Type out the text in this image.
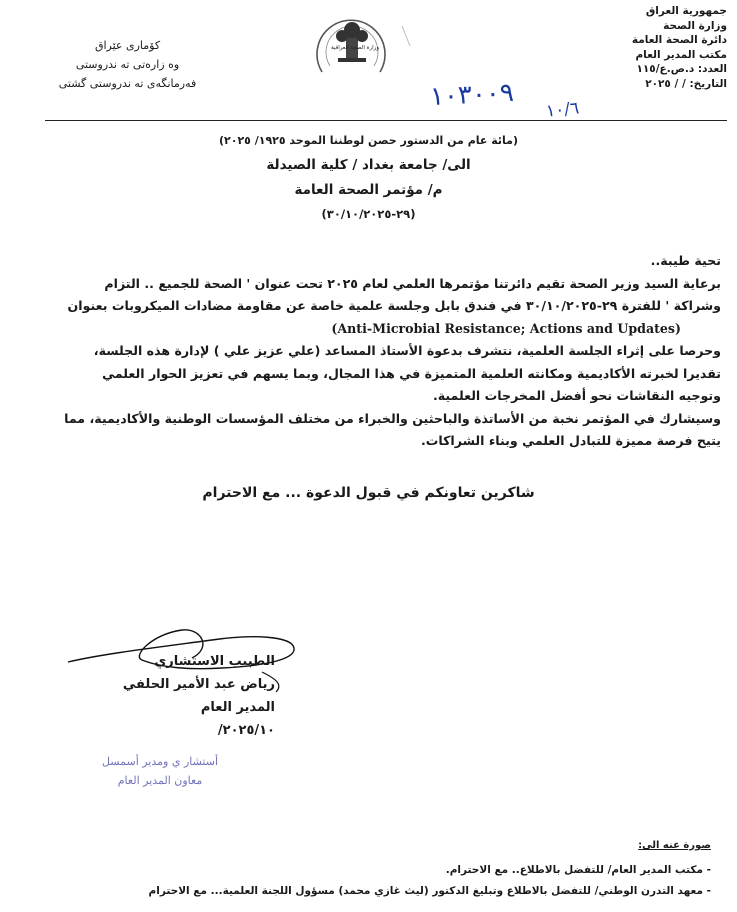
جمهورية العراق
وزارة الصحة
دائرة الصحة العامة
مكتب المدير العام
العدد: د.ص.ع/١١٥
التاريخ: / / ٢٠٢٥
كۆماری عێراق
وه زارەتی ته ندروستی
فەرمانگەی تە ندروستی گشتی
وزارة الصحة العراقية
١٠٣٠٠٩ ١٠/٦
(مائة عام من الدستور حصن لوطننا الموحد ١٩٢٥/ ٢٠٢٥)
الى/ جامعة بغداد / كلية الصيدلة
م/ مؤتمر الصحة العامة
(٢٩-٣٠/١٠/٢٠٢٥)

تحية طيبة..

برعاية السيد وزير الصحة تقيم دائرتنا مؤتمرها العلمي لعام ٢٠٢٥ تحت عنوان ' الصحة للجميع .. التزام

وشراكة ' للفترة ٢٩-٣٠/١٠/٢٠٢٥ في فندق بابل وجلسة علمية خاصة عن مقاومة مضادات الميكروبات بعنوان

(Anti-Microbial Resistance; Actions and Updates)

وحرصا على إثراء الجلسة العلمية، نتشرف بدعوة الأستاذ المساعد (علي عزيز علي ) لإدارة هذه الجلسة،

تقديرا لخبرته الأكاديمية ومكانته العلمية المتميزة في هذا المجال، وبما يسهم في تعزيز الحوار العلمي

وتوجيه النقاشات نحو أفضل المخرجات العلمية.

وسيشارك في المؤتمر نخبة من الأساتذة والباحثين والخبراء من مختلف المؤسسات الوطنية والأكاديمية، مما

يتيح فرصة مميزة للتبادل العلمي وبناء الشراكات.

شاكرين تعاونكم في قبول الدعوة ... مع الاحترام
الطبيب الاستشاري
رياض عبد الأمير الحلفي
المدير العام
٢٠٢٥/١٠/
أستشار ي ومدير أسمسل
معاون المدير العام
صورة عنه الى:
- مكتب المدير العام/ للتفضل بالاطلاع.. مع الاحترام.
- معهد التدرن الوطني/ للتفضل بالاطلاع وتبليغ الدكتور (ليث غازي محمد) مسؤول اللجنة العلمية... مع الاحترام
